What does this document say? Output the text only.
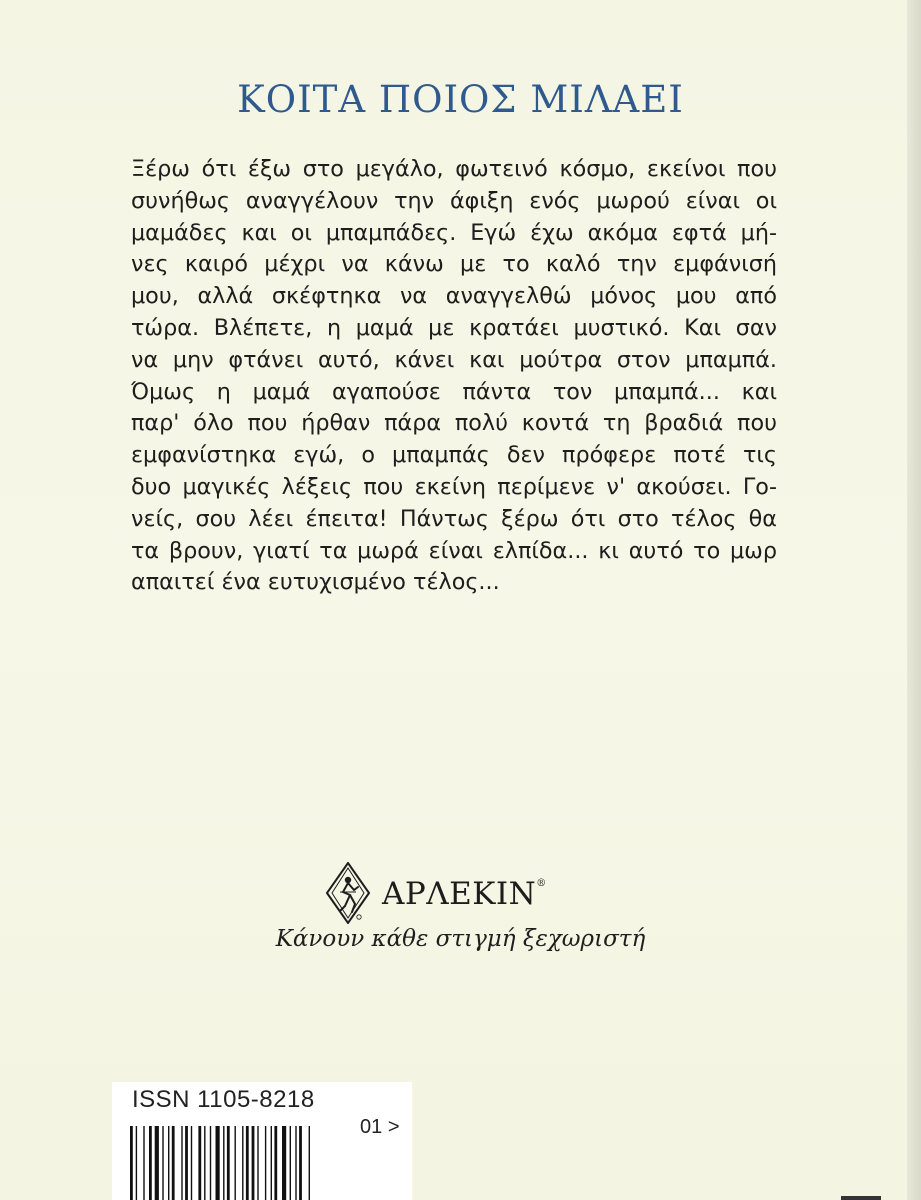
ΚΟΙΤΑ ΠΟΙΟΣ ΜΙΛΑΕΙ
Ξέρω ότι έξω στο μεγάλο, φωτεινό κόσμο, εκείνοι που
συνήθως αναγγέλουν την άφιξη ενός μωρού είναι οι
μαμάδες και οι μπαμπάδες. Εγώ έχω ακόμα εφτά μή-
νες καιρό μέχρι να κάνω με το καλό την εμφάνισή
μου, αλλά σκέφτηκα να αναγγελθώ μόνος μου από
τώρα. Βλέπετε, η μαμά με κρατάει μυστικό. Και σαν
να μην φτάνει αυτό, κάνει και μούτρα στον μπαμπά.
Όμως η μαμά αγαπούσε πάντα τον μπαμπά... και
παρ' όλο που ήρθαν πάρα πολύ κοντά τη βραδιά που
εμφανίστηκα εγώ, ο μπαμπάς δεν πρόφερε ποτέ τις
δυο μαγικές λέξεις που εκείνη περίμενε ν' ακούσει. Γο-
νείς, σου λέει έπειτα! Πάντως ξέρω ότι στο τέλος θα
τα βρουν, γιατί τα μωρά είναι ελπίδα... κι αυτό το μωρ
απαιτεί ένα ευτυχισμένο τέλος...
ΑΡΛΕΚΙΝ®
Κάνουν κάθε στιγμή ξεχωριστή
ISSN 1105-8218
01 >
